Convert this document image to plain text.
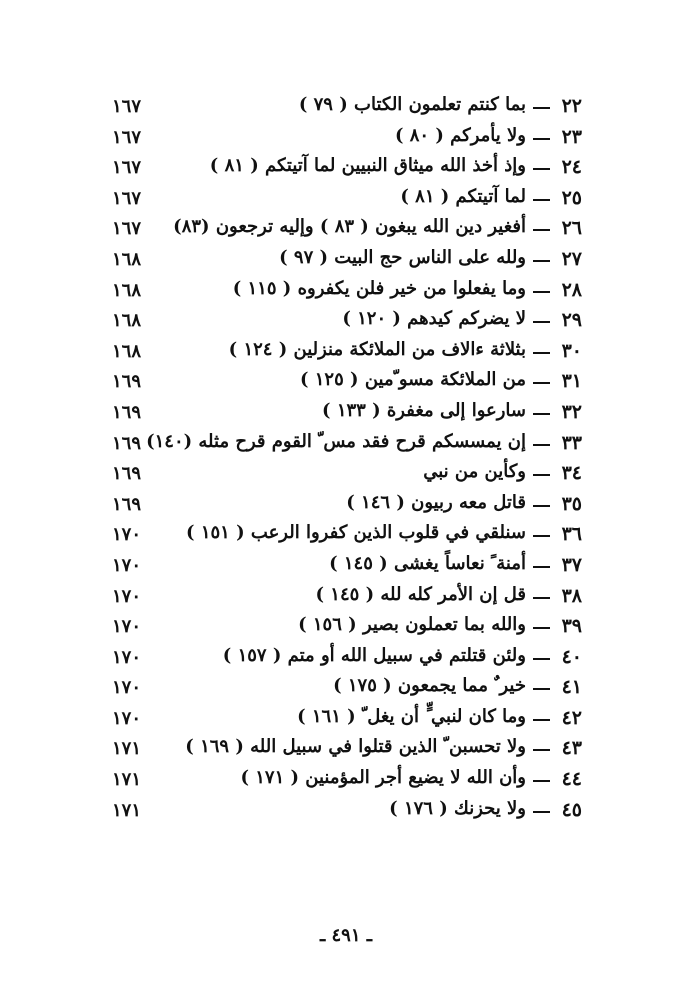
٢٢
بما كنتم تعلمون الكتاب ( ٧٩ )
١٦٧
٢٣
ولا يأمركم ( ٨٠ )
١٦٧
٢٤
وإذ أخذ الله ميثاق النبيين لما آتيتكم ( ٨١ )
١٦٧
٢٥
لما آتيتكم ( ٨١ )
١٦٧
٢٦
أفغير دين الله يبغون ( ٨٣ ) وإليه ترجعون (٨٣)
١٦٧
٢٧
ولله على الناس حج البيت ( ٩٧ )
١٦٨
٢٨
وما يفعلوا من خير فلن يكفروه ( ١١٥ )
١٦٨
٢٩
لا يضركم كيدهم ( ١٢٠ )
١٦٨
٣٠
بثلاثة ءالاف من الملائكة منزلين ( ١٢٤ )
١٦٨
٣١
من الملائكة مسو ّمين ( ١٢٥ )
١٦٩
٣٢
سارعوا إلى مغفرة ( ١٣٣ )
١٦٩
٣٣
إن يمسسكم قرح فقد مس ّ القوم قرح مثله (١٤٠)
١٦٩
٣٤
وكأين من نبي
١٦٩
٣٥
قاتل معه ربيون ( ١٤٦ )
١٦٩
٣٦
سنلقي في قلوب الذين كفروا الرعب ( ١٥١ )
١٧٠
٣٧
أمنة ً نعاساً يغشى ( ١٤٥ )
١٧٠
٣٨
قل إن الأمر كله لله ( ١٤٥ )
١٧٠
٣٩
والله بما تعملون بصير ( ١٥٦ )
١٧٠
٤٠
ولئن قتلتم في سبيل الله أو متم ( ١٥٧ )
١٧٠
٤١
خير ٌ مما يجمعون ( ١٧٥ )
١٧٠
٤٢
وما كان لنبي ٍّ أن يغل ّ ( ١٦١ )
١٧٠
٤٣
ولا تحسبن ّ الذين قتلوا في سبيل الله ( ١٦٩ )
١٧١
٤٤
وأن الله لا يضيع أجر المؤمنين ( ١٧١ )
١٧١
٤٥
ولا يحزنك ( ١٧٦ )
١٧١
ـ ٤٩١ ـ
